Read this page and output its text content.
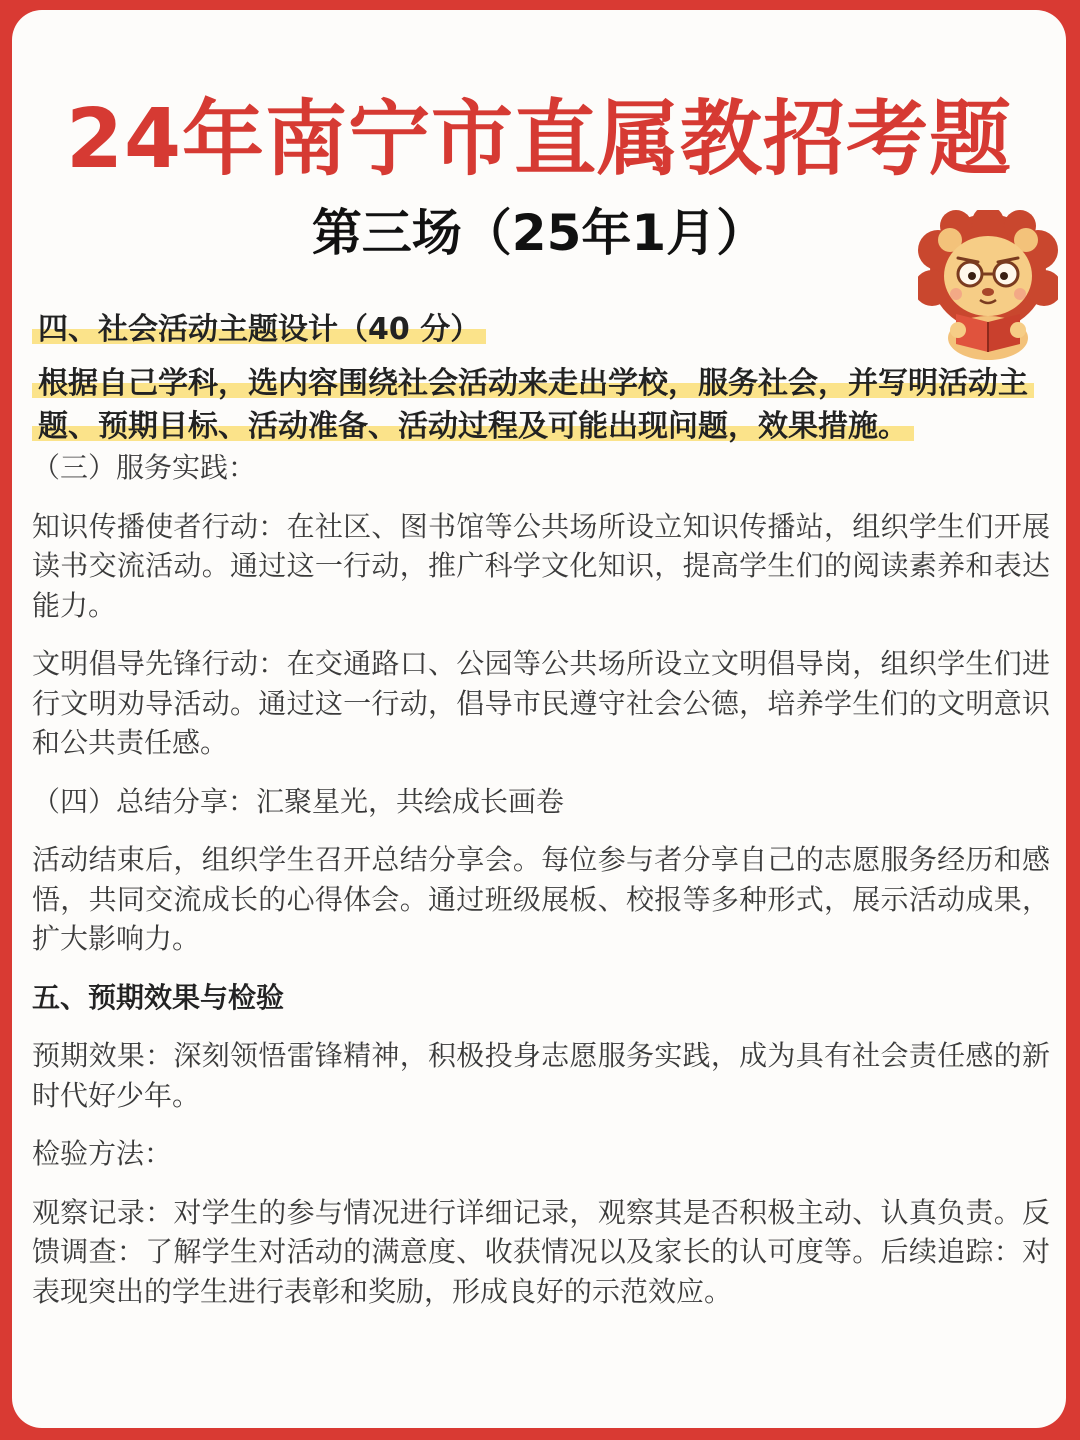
24年南宁市直属教招考题
第三场（25年1月）

四、社会活动主题设计（40 分）

根据自己学科，选内容围绕社会活动来走出学校，服务社会，并写明活动主题、预期目标、活动准备、活动过程及可能出现问题，效果措施。

（三）服务实践：

知识传播使者行动：在社区、图书馆等公共场所设立知识传播站，组织学生们开展读书交流活动。通过这一行动，推广科学文化知识，提高学生们的阅读素养和表达能力。

文明倡导先锋行动：在交通路口、公园等公共场所设立文明倡导岗，组织学生们进行文明劝导活动。通过这一行动，倡导市民遵守社会公德，培养学生们的文明意识和公共责任感。

（四）总结分享：汇聚星光，共绘成长画卷

活动结束后，组织学生召开总结分享会。每位参与者分享自己的志愿服务经历和感悟，共同交流成长的心得体会。通过班级展板、校报等多种形式，展示活动成果，扩大影响力。

五、预期效果与检验

预期效果：深刻领悟雷锋精神，积极投身志愿服务实践，成为具有社会责任感的新时代好少年。

检验方法：

观察记录：对学生的参与情况进行详细记录，观察其是否积极主动、认真负责。反馈调查：了解学生对活动的满意度、收获情况以及家长的认可度等。后续追踪：对表现突出的学生进行表彰和奖励，形成良好的示范效应。
